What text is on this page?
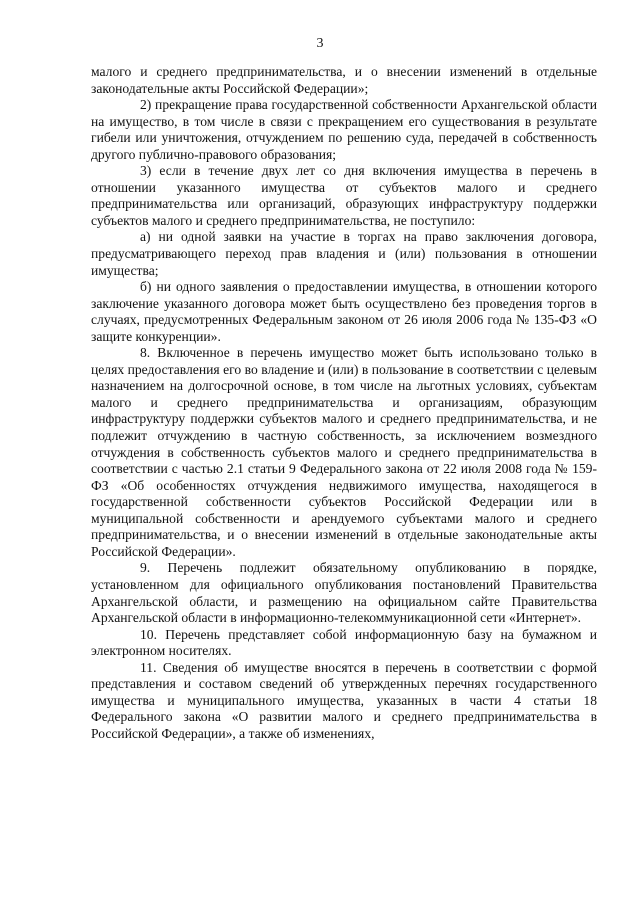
3

малого и среднего предпринимательства, и о внесении изменений в отдельные законодательные акты Российской Федерации»;

2) прекращение права государственной собственности Архангельской области на имущество, в том числе в связи с прекращением его существования в результате гибели или уничтожения, отчуждением по решению суда, передачей в собственность другого публично-правового образования;

3) если в течение двух лет со дня включения имущества в перечень в отношении указанного имущества от субъектов малого и среднего предпринимательства или организаций, образующих инфраструктуру поддержки субъектов малого и среднего предпринимательства, не поступило:

а) ни одной заявки на участие в торгах на право заключения договора, предусматривающего переход прав владения и (или) пользования в отношении имущества;

б) ни одного заявления о предоставлении имущества, в отношении которого заключение указанного договора может быть осуществлено без проведения торгов в случаях, предусмотренных Федеральным законом от 26 июля 2006 года № 135-ФЗ «О защите конкуренции».

8. Включенное в перечень имущество может быть использовано только в целях предоставления его во владение и (или) в пользование в соответствии с целевым назначением на долгосрочной основе, в том числе на льготных условиях, субъектам малого и среднего предпринимательства и организациям, образующим инфраструктуру поддержки субъектов малого и среднего предпринимательства, и не подлежит отчуждению в частную собственность, за исключением возмездного отчуждения в собственность субъектов малого и среднего предпринимательства в соответствии с частью 2.1 статьи 9 Федерального закона от 22 июля 2008 года № 159-ФЗ «Об особенностях отчуждения недвижимого имущества, находящегося в государственной собственности субъектов Российской Федерации или в муниципальной собственности и арендуемого субъектами малого и среднего предпринимательства, и о внесении изменений в отдельные законодательные акты Российской Федерации».

9. Перечень подлежит обязательному опубликованию в порядке, установленном для официального опубликования постановлений Правительства Архангельской области, и размещению на официальном сайте Правительства Архангельской области в информационно-телекоммуникационной сети «Интернет».

10. Перечень представляет собой информационную базу на бумажном и электронном носителях.

11. Сведения об имуществе вносятся в перечень в соответствии с формой представления и составом сведений об утвержденных перечнях государственного имущества и муниципального имущества, указанных в части 4 статьи 18 Федерального закона «О развитии малого и среднего предпринимательства в Российской Федерации», а также об изменениях,
